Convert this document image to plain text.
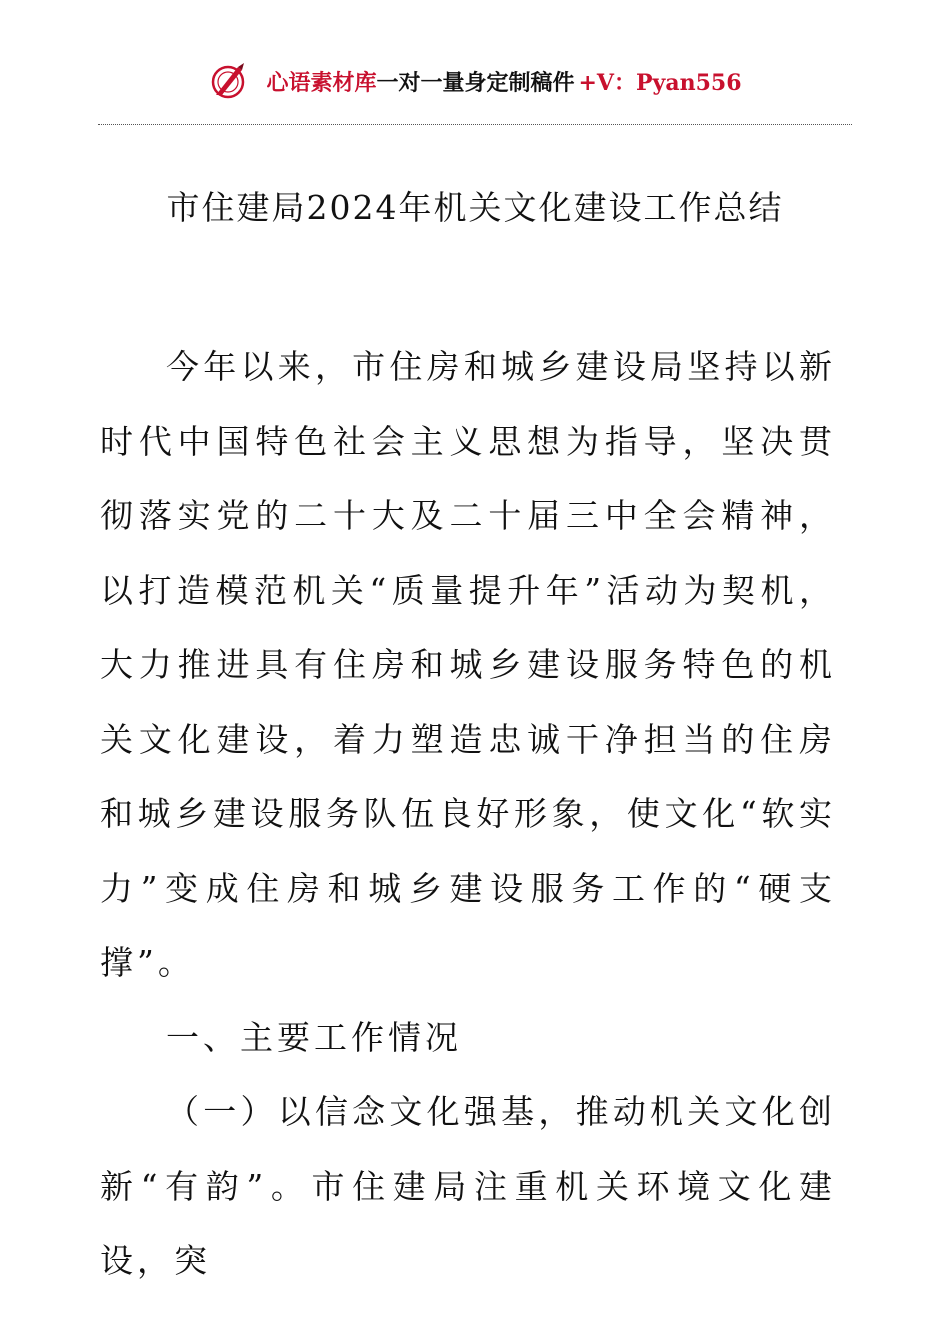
心语素材库一对一量身定制稿件 +V：Pyan556
市住建局2024年机关文化建设工作总结

今年以来，市住房和城乡建设局坚持以新时代中国特色社会主义思想为指导，坚决贯彻落实党的二十大及二十届三中全会精神，以打造模范机关“质量提升年”活动为契机，大力推进具有住房和城乡建设服务特色的机关文化建设，着力塑造忠诚干净担当的住房和城乡建设服务队伍良好形象，使文化“软实力”变成住房和城乡建设服务工作的“硬支撑”。

一、主要工作情况

（一）以信念文化强基，推动机关文化创新“有韵”。市住建局注重机关环境文化建设，突
